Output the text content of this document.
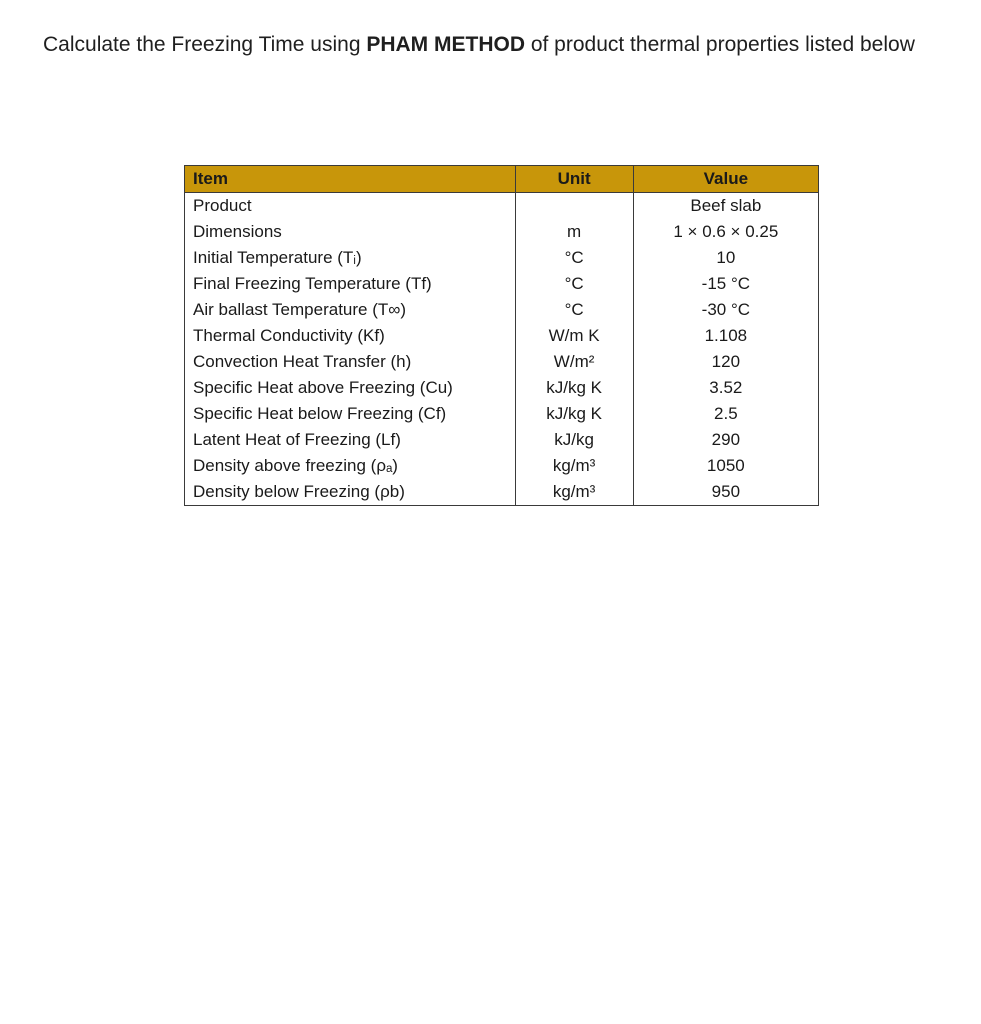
Calculate the Freezing Time using PHAM METHOD of product thermal properties listed below
Item	Unit	Value
Product		Beef slab
Dimensions	m	1 × 0.6 × 0.25
Initial Temperature (Tᵢ)	°C	10
Final Freezing Temperature (Tf)	°C	-15 °C
Air ballast Temperature (T∞)	°C	-30 °C
Thermal Conductivity (Kf)	W/m K	1.108
Convection Heat Transfer (h)	W/m²	120
Specific Heat above Freezing (Cu)	kJ/kg K	3.52
Specific Heat below Freezing (Cf)	kJ/kg K	2.5
Latent Heat of Freezing (Lf)	kJ/kg	290
Density above freezing (ρₐ)	kg/m³	1050
Density below Freezing (ρb)	kg/m³	950
